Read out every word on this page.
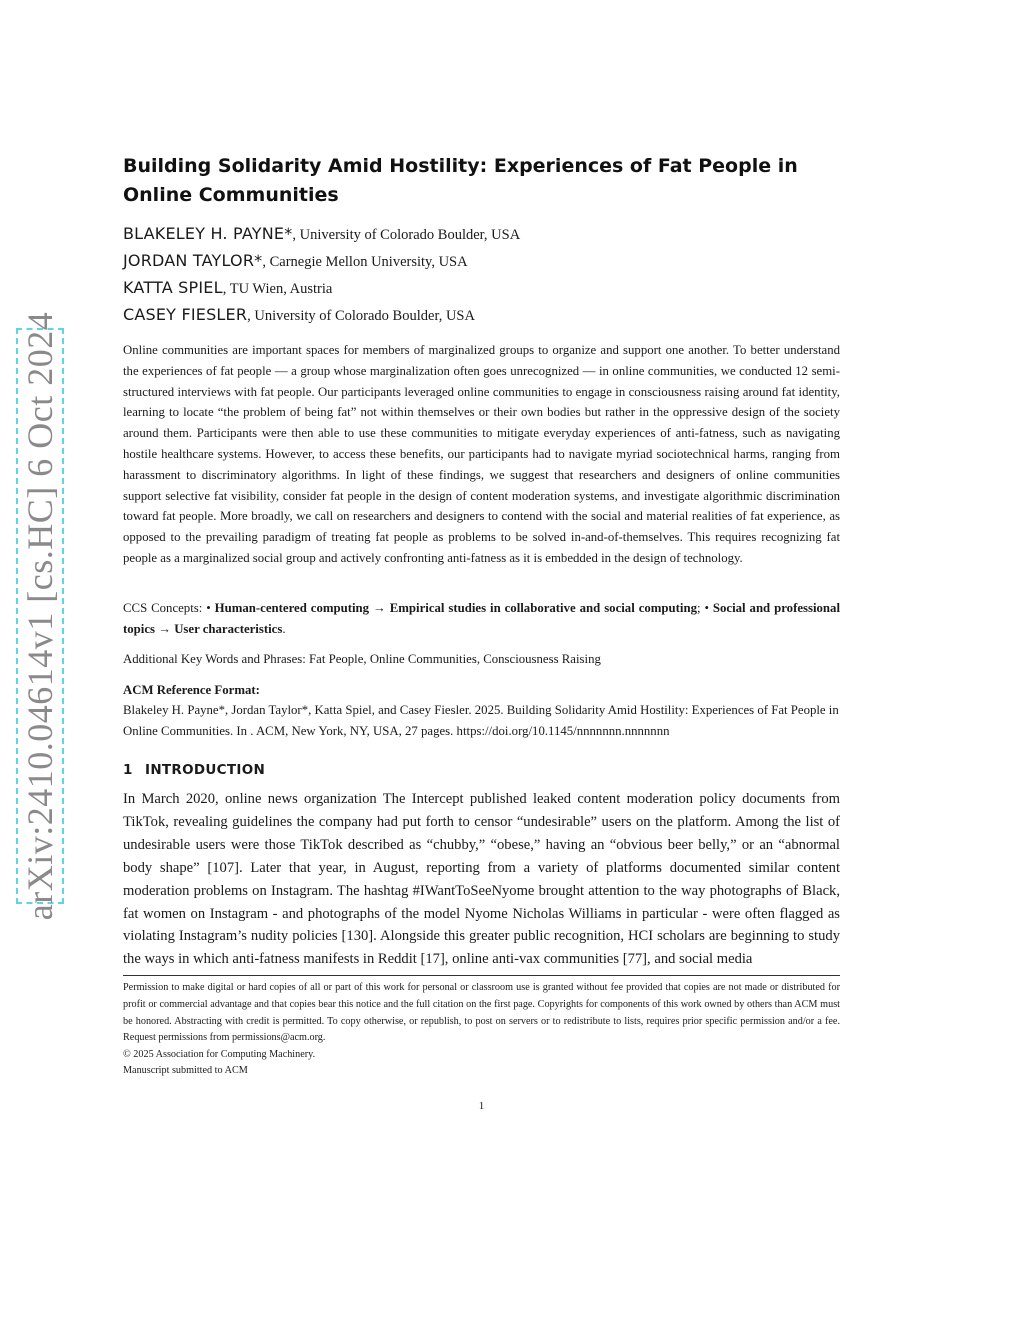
arXiv:2410.04614v1 [cs.HC] 6 Oct 2024
Building Solidarity Amid Hostility: Experiences of Fat People in Online Communities
BLAKELEY H. PAYNE*, University of Colorado Boulder, USA
JORDAN TAYLOR*, Carnegie Mellon University, USA
KATTA SPIEL, TU Wien, Austria
CASEY FIESLER, University of Colorado Boulder, USA
Online communities are important spaces for members of marginalized groups to organize and support one another. To better understand the experiences of fat people — a group whose marginalization often goes unrecognized — in online communities, we conducted 12 semi-structured interviews with fat people. Our participants leveraged online communities to engage in consciousness raising around fat identity, learning to locate “the problem of being fat” not within themselves or their own bodies but rather in the oppressive design of the society around them. Participants were then able to use these communities to mitigate everyday experiences of anti-fatness, such as navigating hostile healthcare systems. However, to access these benefits, our participants had to navigate myriad sociotechnical harms, ranging from harassment to discriminatory algorithms. In light of these findings, we suggest that researchers and designers of online communities support selective fat visibility, consider fat people in the design of content moderation systems, and investigate algorithmic discrimination toward fat people. More broadly, we call on researchers and designers to contend with the social and material realities of fat experience, as opposed to the prevailing paradigm of treating fat people as problems to be solved in-and-of-themselves. This requires recognizing fat people as a marginalized social group and actively confronting anti-fatness as it is embedded in the design of technology.
CCS Concepts: • Human-centered computing → Empirical studies in collaborative and social computing; • Social and professional topics → User characteristics.
Additional Key Words and Phrases: Fat People, Online Communities, Consciousness Raising
ACM Reference Format:
Blakeley H. Payne*, Jordan Taylor*, Katta Spiel, and Casey Fiesler. 2025. Building Solidarity Amid Hostility: Experiences of Fat People in Online Communities. In . ACM, New York, NY, USA, 27 pages. https://doi.org/10.1145/nnnnnnn.nnnnnnn
1 INTRODUCTION
In March 2020, online news organization The Intercept published leaked content moderation policy documents from TikTok, revealing guidelines the company had put forth to censor “undesirable” users on the platform. Among the list of undesirable users were those TikTok described as “chubby,” “obese,” having an “obvious beer belly,” or an “abnormal body shape” [107]. Later that year, in August, reporting from a variety of platforms documented similar content moderation problems on Instagram. The hashtag #IWantToSeeNyome brought attention to the way photographs of Black, fat women on Instagram - and photographs of the model Nyome Nicholas Williams in particular - were often flagged as violating Instagram’s nudity policies [130]. Alongside this greater public recognition, HCI scholars are beginning to study the ways in which anti-fatness manifests in Reddit [17], online anti-vax communities [77], and social media
Permission to make digital or hard copies of all or part of this work for personal or classroom use is granted without fee provided that copies are not made or distributed for profit or commercial advantage and that copies bear this notice and the full citation on the first page. Copyrights for components of this work owned by others than ACM must be honored. Abstracting with credit is permitted. To copy otherwise, or republish, to post on servers or to redistribute to lists, requires prior specific permission and/or a fee. Request permissions from permissions@acm.org.
© 2025 Association for Computing Machinery.
Manuscript submitted to ACM
1
